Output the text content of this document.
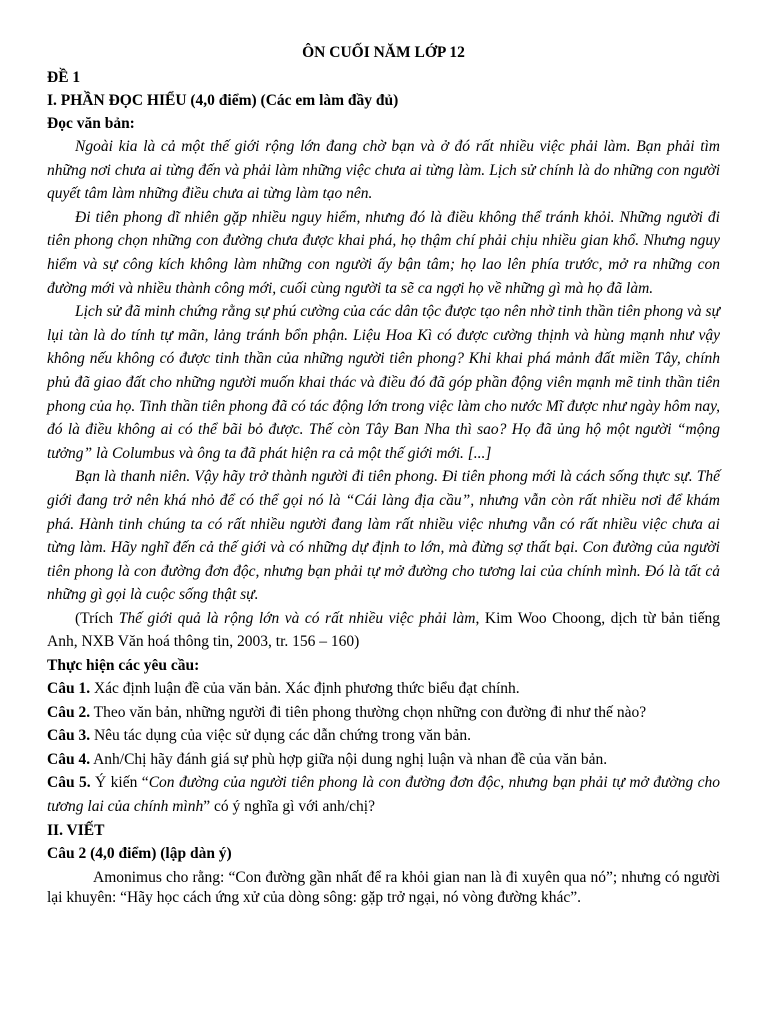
ÔN CUỐI NĂM LỚP 12
ĐỀ 1
I. PHẦN ĐỌC HIỂU (4,0 điểm) (Các em làm đầy đủ)
Đọc văn bản:

Ngoài kia là cả một thế giới rộng lớn đang chờ bạn và ở đó rất nhiều việc phải làm. Bạn phải tìm những nơi chưa ai từng đến và phải làm những việc chưa ai từng làm. Lịch sử chính là do những con người quyết tâm làm những điều chưa ai từng làm tạo nên.

Đi tiên phong dĩ nhiên gặp nhiều nguy hiểm, nhưng đó là điều không thể tránh khỏi. Những người đi tiên phong chọn những con đường chưa được khai phá, họ thậm chí phải chịu nhiều gian khổ. Nhưng nguy hiểm và sự công kích không làm những con người ấy bận tâm; họ lao lên phía trước, mở ra những con đường mới và nhiều thành công mới, cuối cùng người ta sẽ ca ngợi họ về những gì mà họ đã làm.

Lịch sử đã minh chứng rằng sự phú cường của các dân tộc được tạo nên nhờ tinh thần tiên phong và sự lụi tàn là do tính tự mãn, lảng tránh bổn phận. Liệu Hoa Kì có được cường thịnh và hùng mạnh như vậy không nếu không có được tinh thần của những người tiên phong? Khi khai phá mảnh đất miền Tây, chính phủ đã giao đất cho những người muốn khai thác và điều đó đã góp phần động viên mạnh mẽ tinh thần tiên phong của họ. Tinh thần tiên phong đã có tác động lớn trong việc làm cho nước Mĩ được như ngày hôm nay, đó là điều không ai có thể bãi bỏ được. Thế còn Tây Ban Nha thì sao? Họ đã ủng hộ một người “mộng tưởng” là Columbus và ông ta đã phát hiện ra cả một thế giới mới. [...]

Bạn là thanh niên. Vậy hãy trở thành người đi tiên phong. Đi tiên phong mới là cách sống thực sự. Thế giới đang trở nên khá nhỏ để có thể gọi nó là “Cái làng địa cầu”, nhưng vẫn còn rất nhiều nơi để khám phá. Hành tinh chúng ta có rất nhiều người đang làm rất nhiều việc nhưng vẫn có rất nhiều việc chưa ai từng làm. Hãy nghĩ đến cả thế giới và có những dự định to lớn, mà đừng sợ thất bại. Con đường của người tiên phong là con đường đơn độc, nhưng bạn phải tự mở đường cho tương lai của chính mình. Đó là tất cả những gì gọi là cuộc sống thật sự.

(Trích Thế giới quả là rộng lớn và có rất nhiều việc phải làm, Kim Woo Choong, dịch từ bản tiếng Anh, NXB Văn hoá thông tin, 2003, tr. 156 – 160)

Thực hiện các yêu cầu:

Câu 1. Xác định luận đề của văn bản. Xác định phương thức biểu đạt chính.

Câu 2. Theo văn bản, những người đi tiên phong thường chọn những con đường đi như thế nào?

Câu 3. Nêu tác dụng của việc sử dụng các dẫn chứng trong văn bản.

Câu 4. Anh/Chị hãy đánh giá sự phù hợp giữa nội dung nghị luận và nhan đề của văn bản.

Câu 5. Ý kiến “Con đường của người tiên phong là con đường đơn độc, nhưng bạn phải tự mở đường cho tương lai của chính mình” có ý nghĩa gì với anh/chị?

II. VIẾT
Câu 2 (4,0 điểm) (lập dàn ý)

Amonimus cho rằng: “Con đường gần nhất để ra khỏi gian nan là đi xuyên qua nó”; nhưng có người lại khuyên: “Hãy học cách ứng xử của dòng sông: gặp trở ngại, nó vòng đường khác”.
